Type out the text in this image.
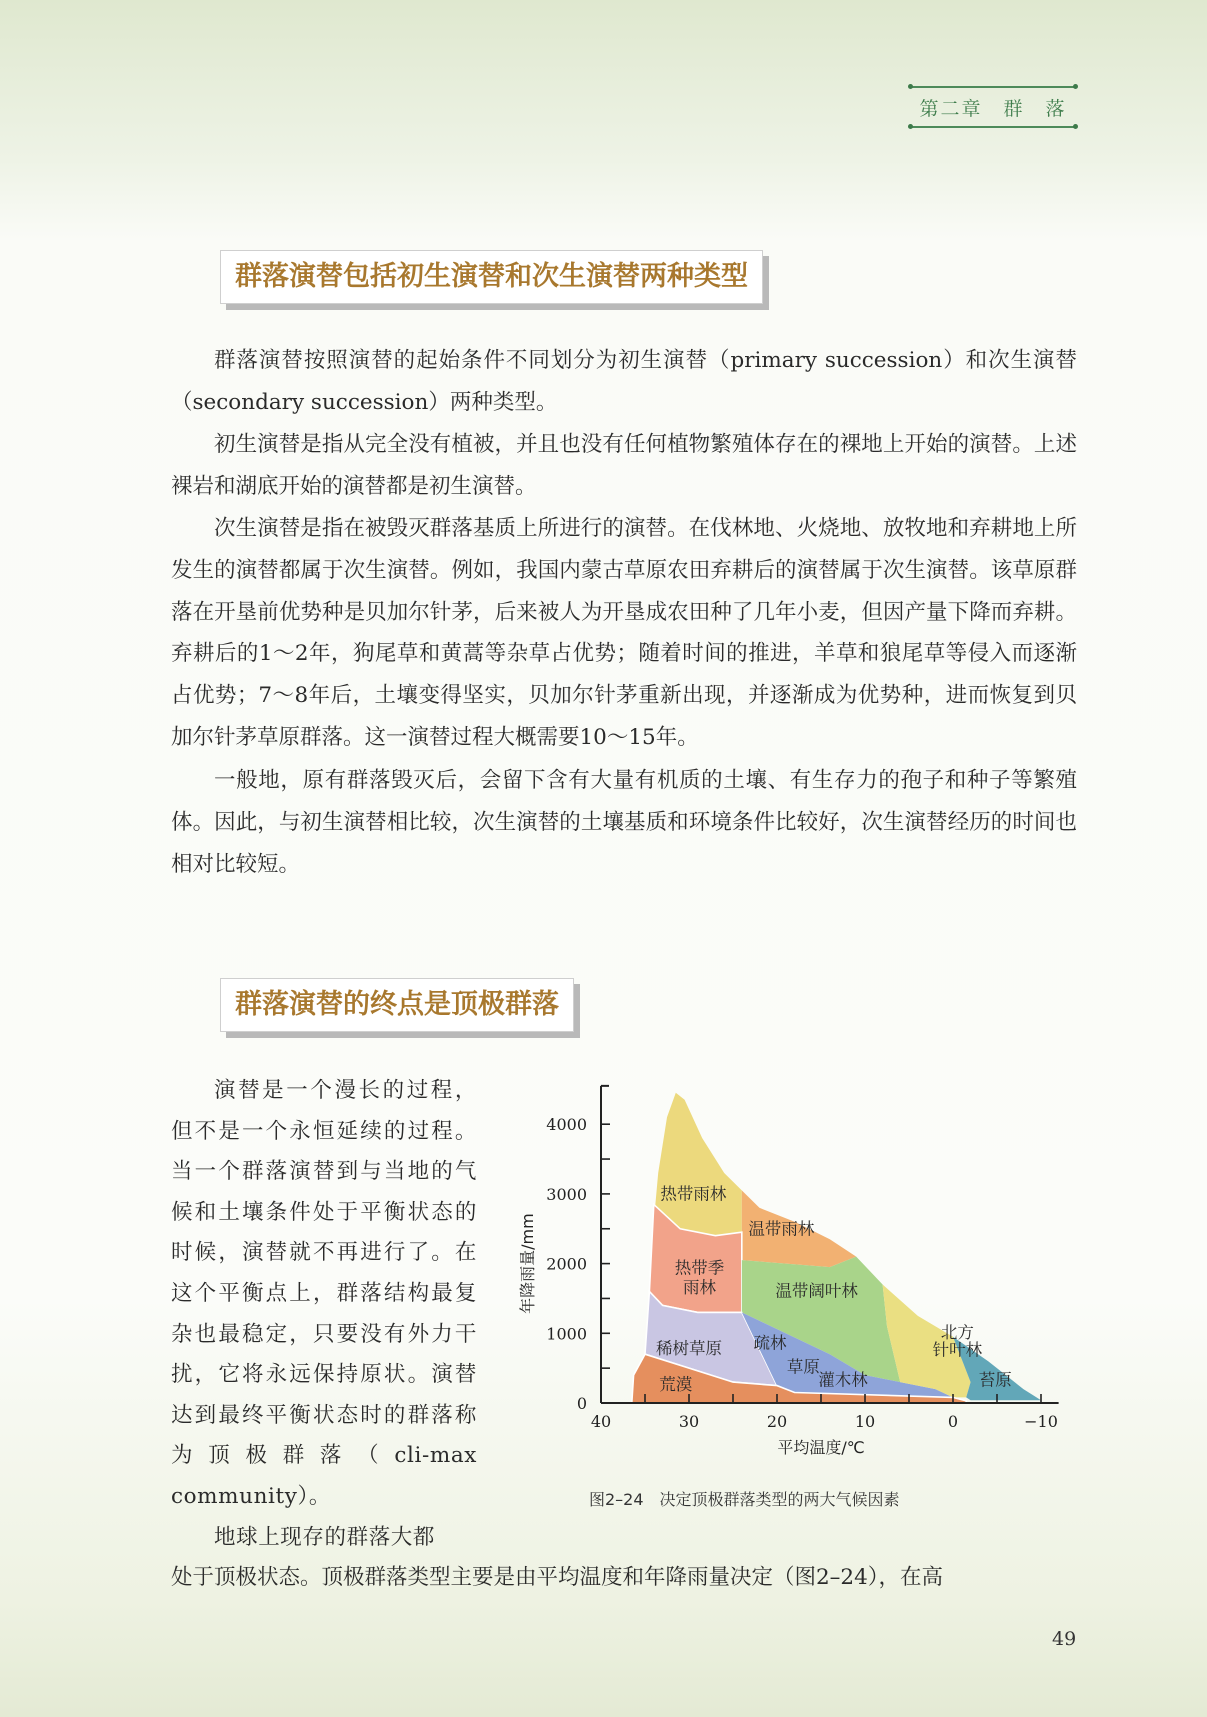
第二章　群　落
群落演替包括初生演替和次生演替两种类型

群落演替按照演替的起始条件不同划分为初生演替（primary succession）和次生演替（secondary succession）两种类型。

初生演替是指从完全没有植被，并且也没有任何植物繁殖体存在的裸地上开始的演替。上述裸岩和湖底开始的演替都是初生演替。

次生演替是指在被毁灭群落基质上所进行的演替。在伐林地、火烧地、放牧地和弃耕地上所发生的演替都属于次生演替。例如，我国内蒙古草原农田弃耕后的演替属于次生演替。该草原群落在开垦前优势种是贝加尔针茅，后来被人为开垦成农田种了几年小麦，但因产量下降而弃耕。弃耕后的1～2年，狗尾草和黄蒿等杂草占优势；随着时间的推进，羊草和狼尾草等侵入而逐渐占优势；7～8年后，土壤变得坚实，贝加尔针茅重新出现，并逐渐成为优势种，进而恢复到贝加尔针茅草原群落。这一演替过程大概需要10～15年。

一般地，原有群落毁灭后，会留下含有大量有机质的土壤、有生存力的孢子和种子等繁殖体。因此，与初生演替相比较，次生演替的土壤基质和环境条件比较好，次生演替经历的时间也相对比较短。

群落演替的终点是顶极群落

演替是一个漫长的过程，但不是一个永恒延续的过程。当一个群落演替到与当地的气候和土壤条件处于平衡状态的时候，演替就不再进行了。在这个平衡点上，群落结构最复杂也最稳定，只要没有外力干扰，它将永远保持原状。演替达到最终平衡状态时的群落称为顶极群落（cli-max community）。

地球上现存的群落大都

处于顶极状态。顶极群落类型主要是由平均温度和年降雨量决定（图2–24），在高
0
1000
2000
3000
4000
40	30	20	10	0	−10
平均温度/℃
年降雨量/mm
热带雨林
温带雨林
热带季
雨林	温带阔叶林
稀树草原 疏林
草原
灌木林
北方
针叶林
苔原
荒漠
图2–24　决定顶极群落类型的两大气候因素
49
